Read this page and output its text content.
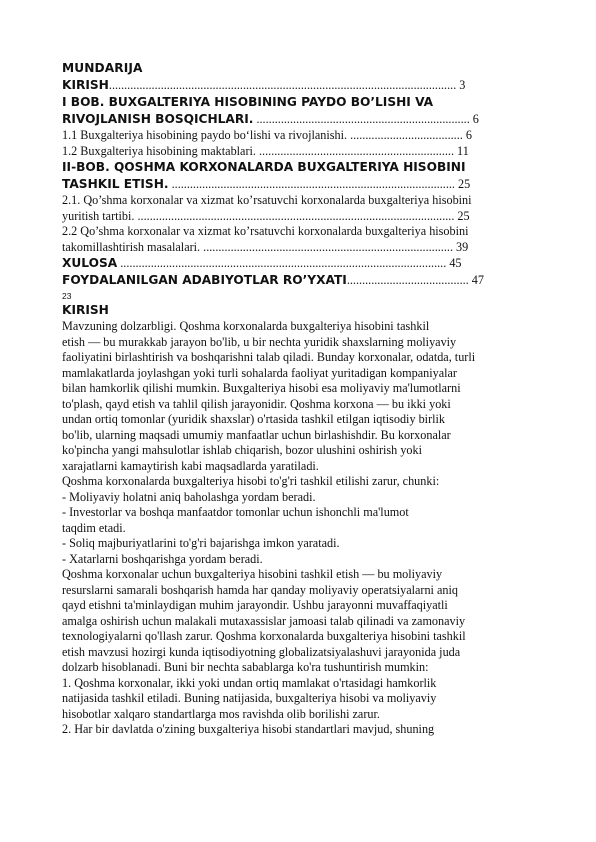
MUNDARIJA
KIRISH.................................................................................................................. 3
I BOB. BUXGALTERIYA HISOBINING PAYDO BO’LISHI VA
RIVOJLANISH BOSQICHLARI. ...................................................................... 6
1.1 Buxgalteriya hisobining paydo bo‘lishi va rivojlanishi. ..................................... 6
1.2 Buxgalteriya hisobining maktablari. ................................................................ 11
II-BOB. QOSHMA KORXONALARDA BUXGALTERIYA HISOBINI
TASHKIL ETISH. ............................................................................................. 25
2.1. Qo’shma korxonalar va xizmat ko’rsatuvchi korxonalarda buxgalteriya hisobini
yuritish tartibi. ........................................................................................................ 25
2.2 Qo’shma korxonalar va xizmat ko’rsatuvchi korxonalarda buxgalteriya hisobini
takomillashtirish masalalari. .................................................................................. 39
XULOSA ........................................................................................................... 45
FOYDALANILGAN ADABIYOTLAR RO’YXATI........................................ 47
23
KIRISH

Mavzuning dolzarbligi. Qoshma korxonalarda buxgalteriya hisobini tashkil
etish — bu murakkab jarayon bo'lib, u bir nechta yuridik shaxslarning moliyaviy
faoliyatini birlashtirish va boshqarishni talab qiladi. Bunday korxonalar, odatda, turli
mamlakatlarda joylashgan yoki turli sohalarda faoliyat yuritadigan kompaniyalar
bilan hamkorlik qilishi mumkin. Buxgalteriya hisobi esa moliyaviy ma'lumotlarni
to'plash, qayd etish va tahlil qilish jarayonidir. Qoshma korxona — bu ikki yoki
undan ortiq tomonlar (yuridik shaxslar) o'rtasida tashkil etilgan iqtisodiy birlik
bo'lib, ularning maqsadi umumiy manfaatlar uchun birlashishdir. Bu korxonalar
ko'pincha yangi mahsulotlar ishlab chiqarish, bozor ulushini oshirish yoki
xarajatlarni kamaytirish kabi maqsadlarda yaratiladi.

Qoshma korxonalarda buxgalteriya hisobi to'g'ri tashkil etilishi zarur, chunki:

- Moliyaviy holatni aniq baholashga yordam beradi.

- Investorlar va boshqa manfaatdor tomonlar uchun ishonchli ma'lumot
taqdim etadi.

- Soliq majburiyatlarini to'g'ri bajarishga imkon yaratadi.

- Xatarlarni boshqarishga yordam beradi.

Qoshma korxonalar uchun buxgalteriya hisobini tashkil etish — bu moliyaviy
resurslarni samarali boshqarish hamda har qanday moliyaviy operatsiyalarni aniq
qayd etishni ta'minlaydigan muhim jarayondir. Ushbu jarayonni muvaffaqiyatli
amalga oshirish uchun malakali mutaxassislar jamoasi talab qilinadi va zamonaviy
texnologiyalarni qo'llash zarur. Qoshma korxonalarda buxgalteriya hisobini tashkil
etish mavzusi hozirgi kunda iqtisodiyotning globalizatsiyalashuvi jarayonida juda
dolzarb hisoblanadi. Buni bir nechta sabablarga ko'ra tushuntirish mumkin:

1. Qoshma korxonalar, ikki yoki undan ortiq mamlakat o'rtasidagi hamkorlik
natijasida tashkil etiladi. Buning natijasida, buxgalteriya hisobi va moliyaviy
hisobotlar xalqaro standartlarga mos ravishda olib borilishi zarur.

2. Har bir davlatda o'zining buxgalteriya hisobi standartlari mavjud, shuning
